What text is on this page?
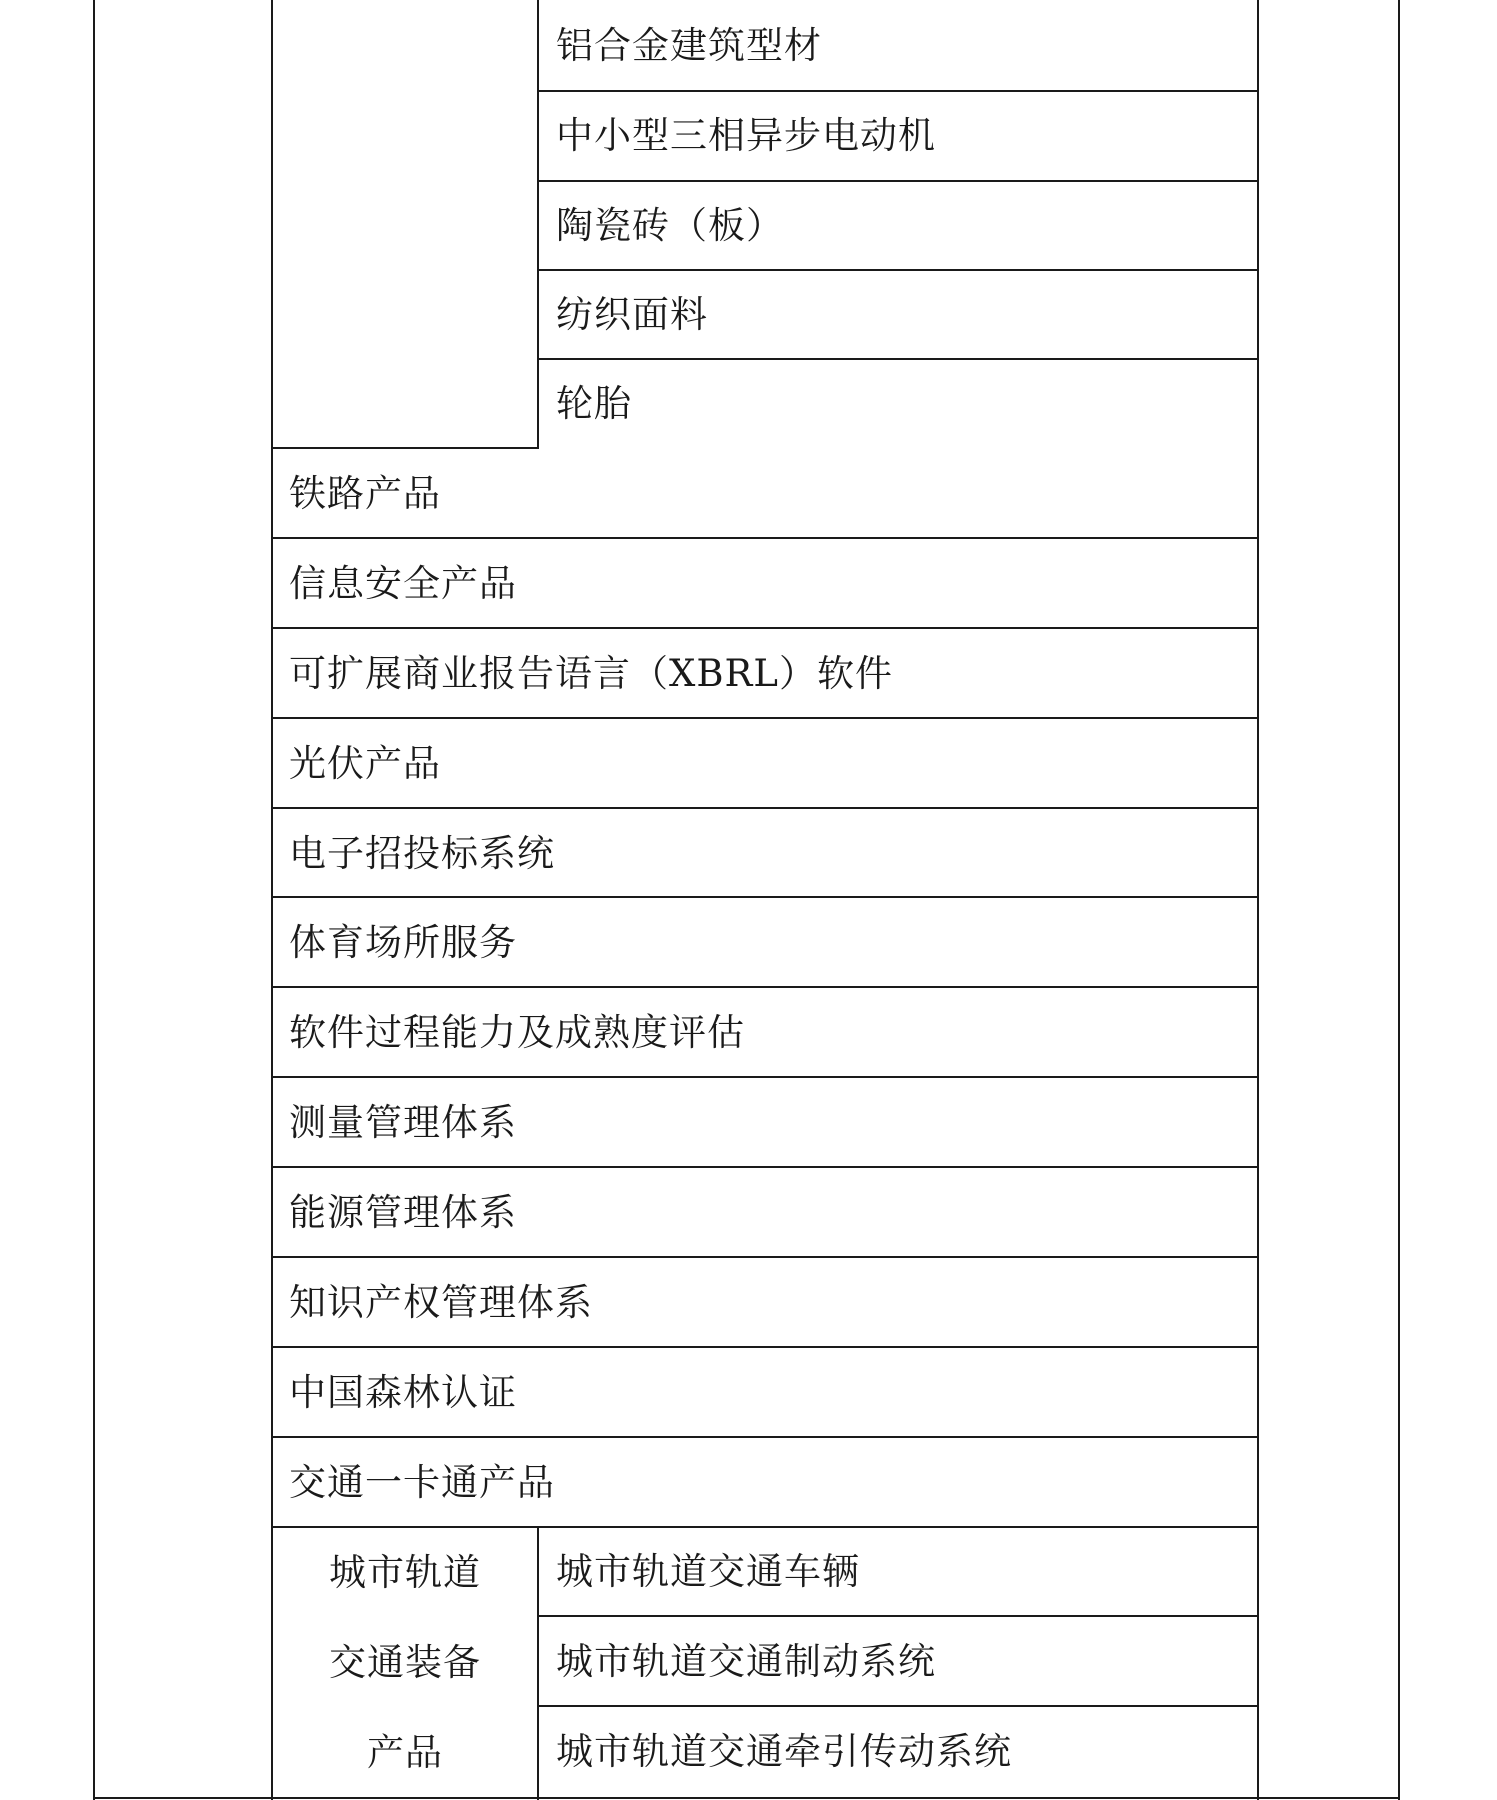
铝合金建筑型材
中小型三相异步电动机
陶瓷砖（板）
纺织面料
轮胎
铁路产品
信息安全产品
可扩展商业报告语言（XBRL）软件
光伏产品
电子招投标系统
体育场所服务
软件过程能力及成熟度评估
测量管理体系
能源管理体系
知识产权管理体系
中国森林认证
交通一卡通产品
城市轨道
交通装备
产品
城市轨道交通车辆
城市轨道交通制动系统
城市轨道交通牵引传动系统
